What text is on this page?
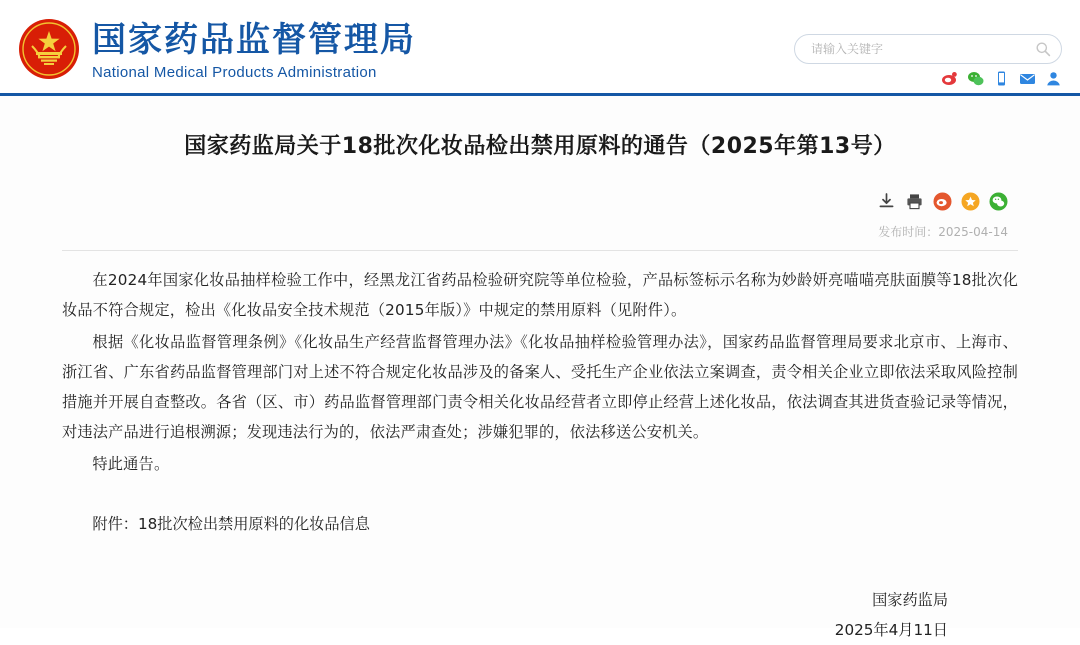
国家药品监督管理局
National Medical Products Administration
请输入关键字
国家药监局关于18批次化妆品检出禁用原料的通告（2025年第13号）
发布时间：2025-04-14

在2024年国家化妆品抽样检验工作中，经黑龙江省药品检验研究院等单位检验，产品标签标示名称为妙龄妍亮喵喵亮肤面膜等18批次化妆品不符合规定，检出《化妆品安全技术规范（2015年版）》中规定的禁用原料（见附件）。

根据《化妆品监督管理条例》《化妆品生产经营监督管理办法》《化妆品抽样检验管理办法》，国家药品监督管理局要求北京市、上海市、浙江省、广东省药品监督管理部门对上述不符合规定化妆品涉及的备案人、受托生产企业依法立案调查，责令相关企业立即依法采取风险控制措施并开展自查整改。各省（区、市）药品监督管理部门责令相关化妆品经营者立即停止经营上述化妆品，依法调查其进货查验记录等情况，对违法产品进行追根溯源；发现违法行为的，依法严肃查处；涉嫌犯罪的，依法移送公安机关。

特此通告。

附件：18批次检出禁用原料的化妆品信息
国家药监局
2025年4月11日
